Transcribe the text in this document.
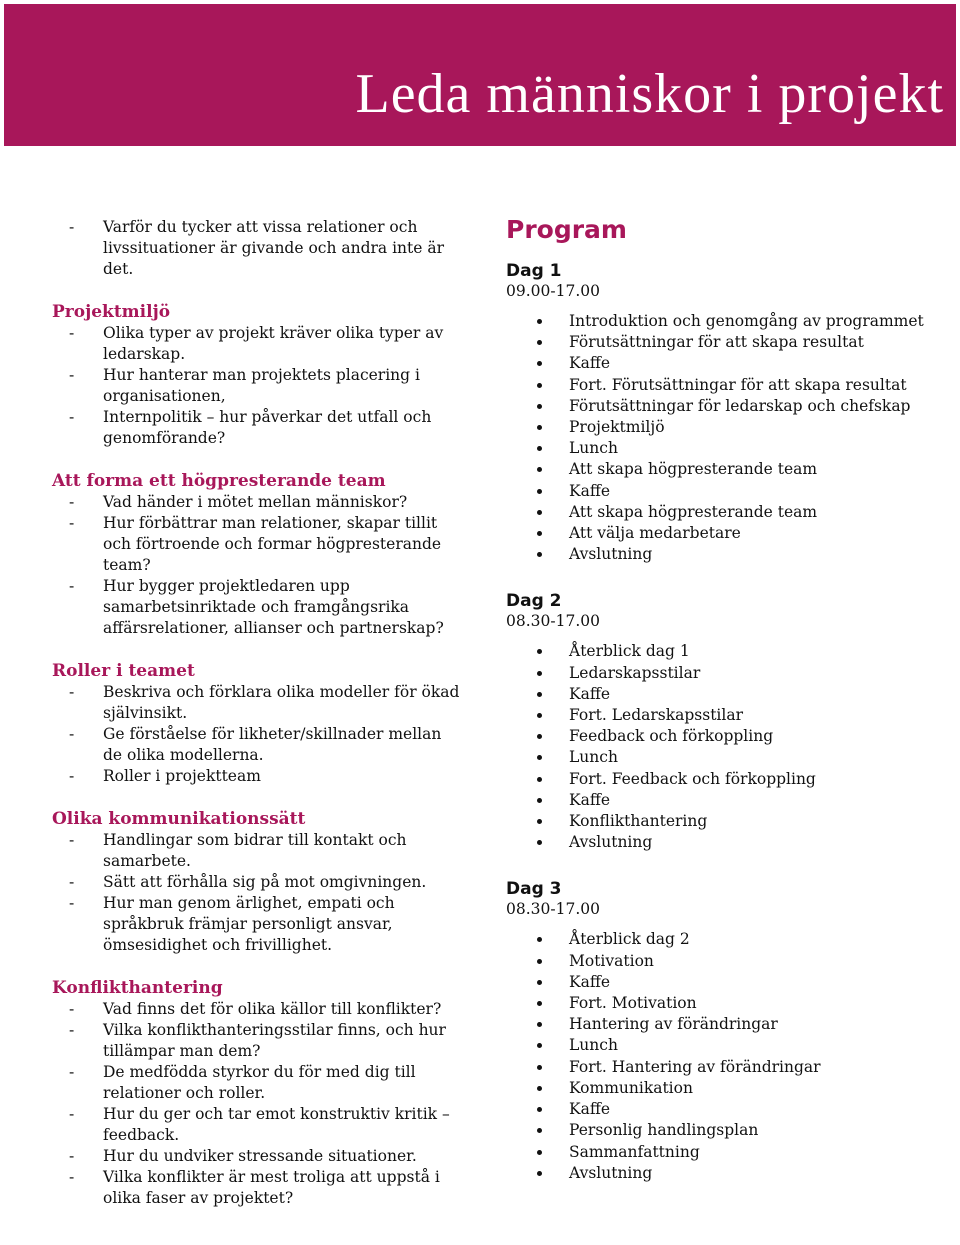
Leda människor i projekt
- Varför du tycker att vissa relationer och livssituationer är givande och andra inte är det.
Projektmiljö
- Olika typer av projekt kräver olika typer av ledarskap.
- Hur hanterar man projektets placering i organisationen,
- Internpolitik – hur påverkar det utfall och genomförande?
Att forma ett högpresterande team
- Vad händer i mötet mellan människor?
- Hur förbättrar man relationer, skapar tillit och förtroende och formar högpresterande team?
- Hur bygger projektledaren upp samarbetsinriktade och framgångsrika affärsrelationer, allianser och partnerskap?
Roller i teamet
- Beskriva och förklara olika modeller för ökad självinsikt.
- Ge förståelse för likheter/skillnader mellan de olika modellerna.
- Roller i projektteam
Olika kommunikationssätt
- Handlingar som bidrar till kontakt och samarbete.
- Sätt att förhålla sig på mot omgivningen.
- Hur man genom ärlighet, empati och språkbruk främjar personligt ansvar, ömsesidighet och frivillighet.
Konflikthantering
- Vad finns det för olika källor till konflikter?
- Vilka konflikthanteringsstilar finns, och hur tillämpar man dem?
- De medfödda styrkor du för med dig till relationer och roller.
- Hur du ger och tar emot konstruktiv kritik – feedback.
- Hur du undviker stressande situationer.
- Vilka konflikter är mest troliga att uppstå i olika faser av projektet?
Program
Dag 1
09.00-17.00
Introduktion och genomgång av programmet
Förutsättningar för att skapa resultat
Kaffe
Fort. Förutsättningar för att skapa resultat
Förutsättningar för ledarskap och chefskap
Projektmiljö
Lunch
Att skapa högpresterande team
Kaffe
Att skapa högpresterande team
Att välja medarbetare
Avslutning
Dag 2
08.30-17.00
Återblick dag 1
Ledarskapsstilar
Kaffe
Fort. Ledarskapsstilar
Feedback och förkoppling
Lunch
Fort. Feedback och förkoppling
Kaffe
Konflikthantering
Avslutning
Dag 3
08.30-17.00
Återblick dag 2
Motivation
Kaffe
Fort. Motivation
Hantering av förändringar
Lunch
Fort. Hantering av förändringar
Kommunikation
Kaffe
Personlig handlingsplan
Sammanfattning
Avslutning
